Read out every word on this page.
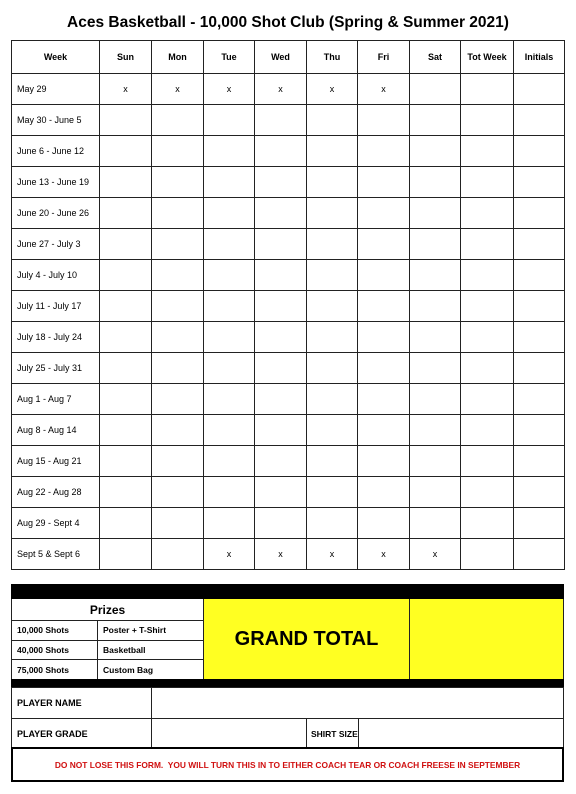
Aces Basketball - 10,000 Shot Club (Spring & Summer 2021)
Week	Sun	Mon	Tue	Wed	Thu	Fri	Sat	Tot Week	Initials
May 29	x	x	x	x	x	x			
May 30 - June 5									
June 6 - June 12									
June 13 - June 19									
June 20 - June 26									
June 27 - July 3									
July 4 - July 10									
July 11 - July 17									
July 18 - July 24									
July 25 - July 31									
Aug 1 - Aug 7									
Aug 8 - Aug 14									
Aug 15 - Aug 21									
Aug 22 - Aug 28									
Aug 29 - Sept 4									
Sept 5 & Sept 6			x	x	x	x	x		
Prizes
10,000 Shots	Poster + T-Shirt
40,000 Shots	Basketball
75,000 Shots	Custom Bag
GRAND TOTAL
PLAYER NAME
PLAYER GRADE	SHIRT SIZE
DO NOT LOSE THIS FORM.  YOU WILL TURN THIS IN TO EITHER COACH TEAR OR COACH FREESE IN SEPTEMBER
